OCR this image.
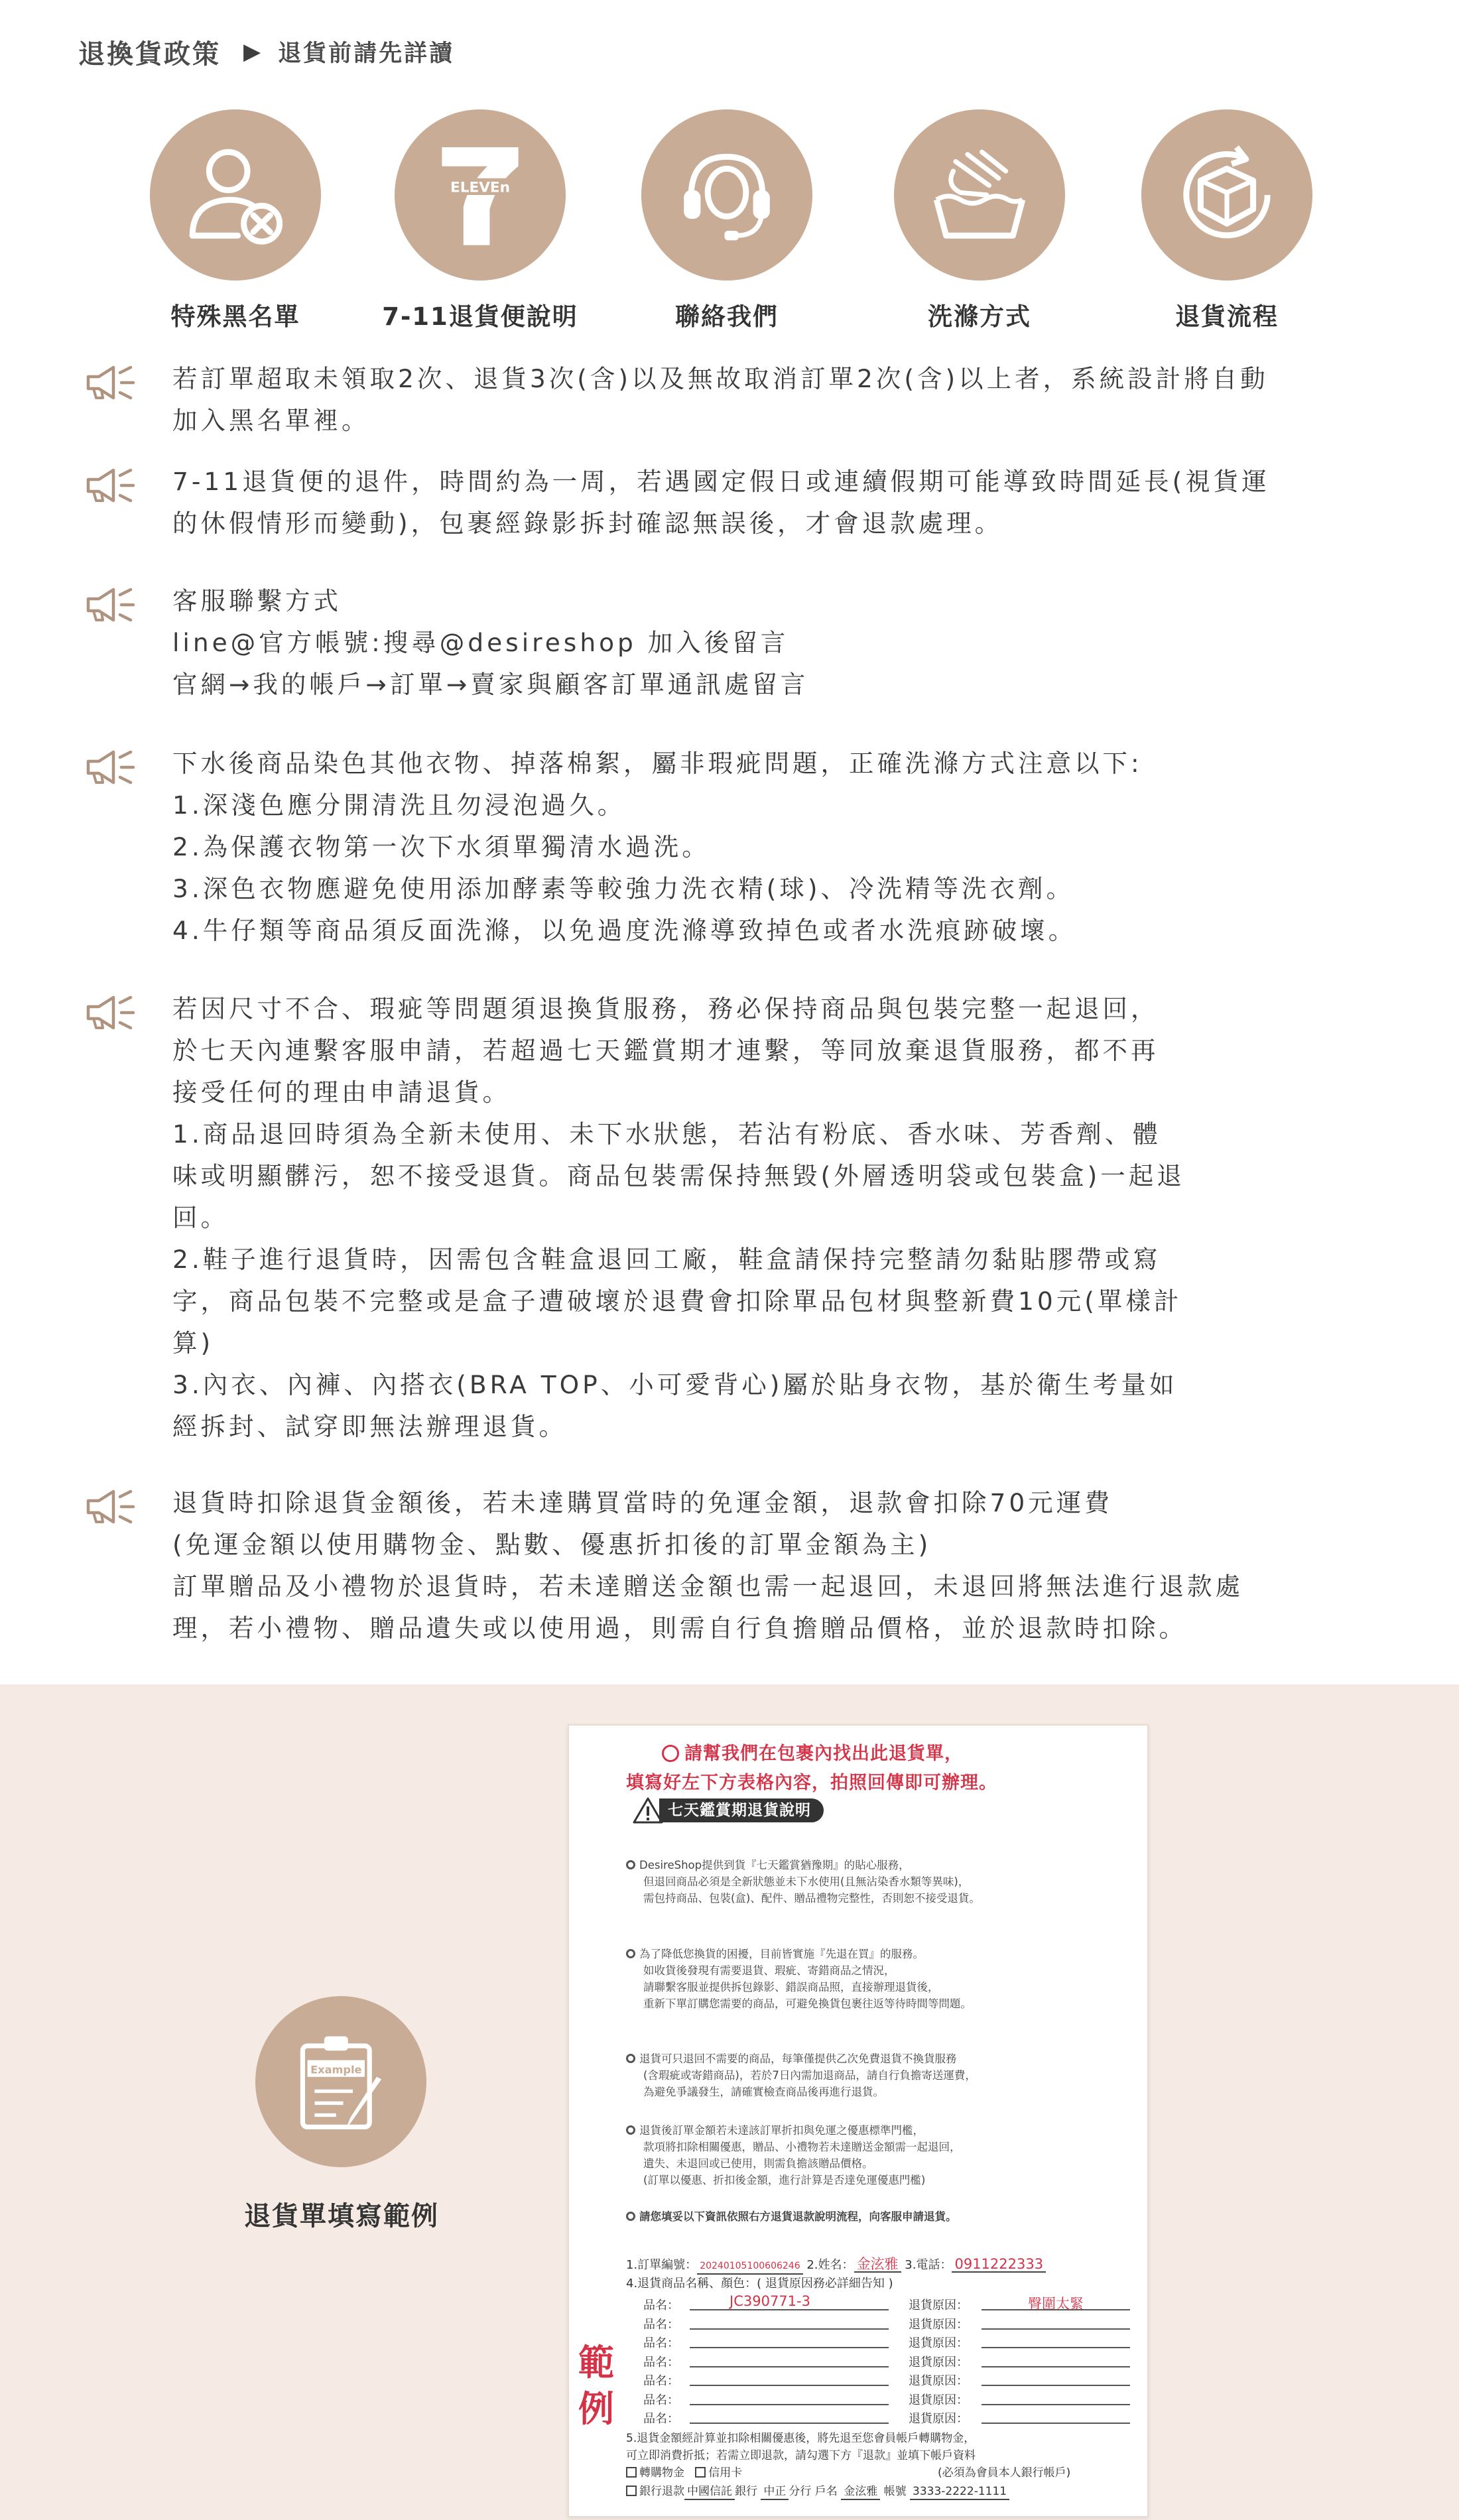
退換貨政策 ▶ 退貨前請先詳讀
特殊黑名單
ELEVEn
7-11退貨便說明	聯絡我們	洗滌方式	退貨流程
若訂單超取未領取2次、退貨3次(含)以及無故取消訂單2次(含)以上者，系統設計將自動
加入黑名單裡。
7-11退貨便的退件，時間約為一周，若遇國定假日或連續假期可能導致時間延長(視貨運
的休假情形而變動)，包裹經錄影拆封確認無誤後，才會退款處理。
客服聯繫方式
line@官方帳號:搜尋@desireshop 加入後留言
官網→我的帳戶→訂單→賣家與顧客訂單通訊處留言
下水後商品染色其他衣物、掉落棉絮，屬非瑕疵問題，正確洗滌方式注意以下:
1.深淺色應分開清洗且勿浸泡過久。
2.為保護衣物第一次下水須單獨清水過洗。
3.深色衣物應避免使用添加酵素等較強力洗衣精(球)、冷洗精等洗衣劑。
4.牛仔類等商品須反面洗滌，以免過度洗滌導致掉色或者水洗痕跡破壞。
若因尺寸不合、瑕疵等問題須退換貨服務，務必保持商品與包裝完整一起退回，
於七天內連繫客服申請，若超過七天鑑賞期才連繫，等同放棄退貨服務，都不再
接受任何的理由申請退貨。
1.商品退回時須為全新未使用、未下水狀態，若沾有粉底、香水味、芳香劑、體
味或明顯髒污，恕不接受退貨。商品包裝需保持無毀(外層透明袋或包裝盒)一起退
回。
2.鞋子進行退貨時，因需包含鞋盒退回工廠，鞋盒請保持完整請勿黏貼膠帶或寫
字，商品包裝不完整或是盒子遭破壞於退費會扣除單品包材與整新費10元(單樣計
算)
3.內衣、內褲、內搭衣(BRA TOP、小可愛背心)屬於貼身衣物，基於衛生考量如
經拆封、試穿即無法辦理退貨。
退貨時扣除退貨金額後，若未達購買當時的免運金額，退款會扣除70元運費
(免運金額以使用購物金、點數、優惠折扣後的訂單金額為主)
訂單贈品及小禮物於退貨時，若未達贈送金額也需一起退回，未退回將無法進行退款處
理，若小禮物、贈品遺失或以使用過，則需自行負擔贈品價格，並於退款時扣除。
Example
退貨單填寫範例
請幫我們在包裹內找出此退貨單，
填寫好左下方表格內容，拍照回傳即可辦理。
七天鑑賞期退貨說明
DesireShop提供到貨『七天鑑賞猶豫期』的貼心服務，
但退回商品必須是全新狀態並未下水使用(且無沾染香水類等異味)，
需包持商品、包裝(盒)、配件、贈品禮物完整性，否則恕不接受退貨。
為了降低您換貨的困擾，目前皆實施『先退在買』的服務。
如收貨後發現有需要退貨、瑕疵、寄錯商品之情況，
請聯繫客服並提供拆包錄影、錯誤商品照，直接辦理退貨後，
重新下單訂購您需要的商品，可避免換貨包裹往返等待時間等問題。
退貨可只退回不需要的商品，每筆僅提供乙次免費退貨不換貨服務
(含瑕疵或寄錯商品)，若於7日內需加退商品，請自行負擔寄送運費，
為避免爭議發生，請確實檢查商品後再進行退貨。
退貨後訂單金額若未達該訂單折扣與免運之優惠標準門檻，
款項將扣除相關優惠，贈品、小禮物若未達贈送金額需一起退回，
遺失、未退回或已使用，則需負擔該贈品價格。
(訂單以優惠、折扣後金額，進行計算是否達免運優惠門檻)
請您填妥以下資訊依照右方退貨退款說明流程，向客服申請退貨。
1.訂單編號： 20240105100606246 2.姓名： 金泫雅 3.電話： 0911222333
4.退貨商品名稱、顏色：( 退貨原因務必詳細告知 )
品名：	退貨原因：
JC390771-3	臀圍太緊
品名：	退貨原因：
品名：	退貨原因：
品名：	退貨原因：
品名：	退貨原因：
品名：	退貨原因：
品名：	退貨原因：
範
例
5.退貨金額經計算並扣除相關優惠後，將先退至您會員帳戶轉購物金，
可立即消費折抵；若需立即退款，請勾選下方『退款』並填下帳戶資料
轉購物金 信用卡	(必須為會員本人銀行帳戶)
銀行退款 中國信託 銀行 中正 分行 戶名 金泫雅 帳號 3333-2222-1111
